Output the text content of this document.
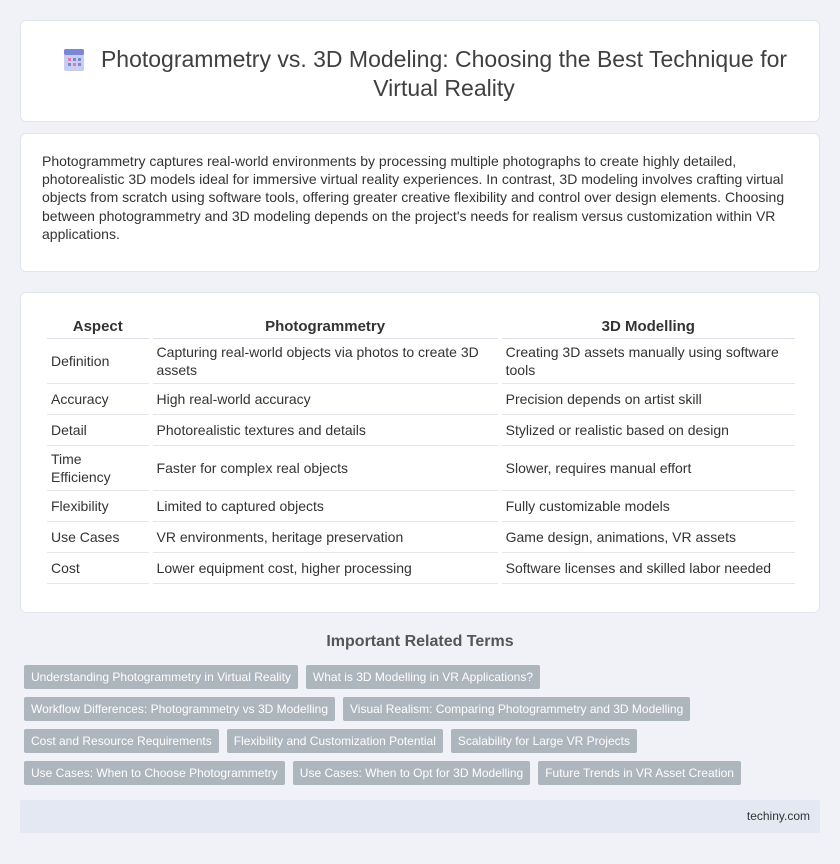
Photogrammetry vs. 3D Modeling: Choosing the Best Technique for Virtual Reality

Photogrammetry captures real-world environments by processing multiple photographs to create highly detailed, photorealistic 3D models ideal for immersive virtual reality experiences. In contrast, 3D modeling involves crafting virtual objects from scratch using software tools, offering greater creative flexibility and control over design elements. Choosing between photogrammetry and 3D modeling depends on the project's needs for realism versus customization within VR applications.

Aspect	Photogrammetry	3D Modelling
Definition	Capturing real-world objects via photos to create 3D assets	Creating 3D assets manually using software tools
Accuracy	High real-world accuracy	Precision depends on artist skill
Detail	Photorealistic textures and details	Stylized or realistic based on design
Time Efficiency	Faster for complex real objects	Slower, requires manual effort
Flexibility	Limited to captured objects	Fully customizable models
Use Cases	VR environments, heritage preservation	Game design, animations, VR assets
Cost	Lower equipment cost, higher processing	Software licenses and skilled labor needed
Important Related Terms
Understanding Photogrammetry in Virtual Reality	What is 3D Modelling in VR Applications?
Workflow Differences: Photogrammetry vs 3D Modelling	Visual Realism: Comparing Photogrammetry and 3D Modelling
Cost and Resource Requirements	Flexibility and Customization Potential	Scalability for Large VR Projects
Use Cases: When to Choose Photogrammetry	Use Cases: When to Opt for 3D Modelling	Future Trends in VR Asset Creation
techiny.com
